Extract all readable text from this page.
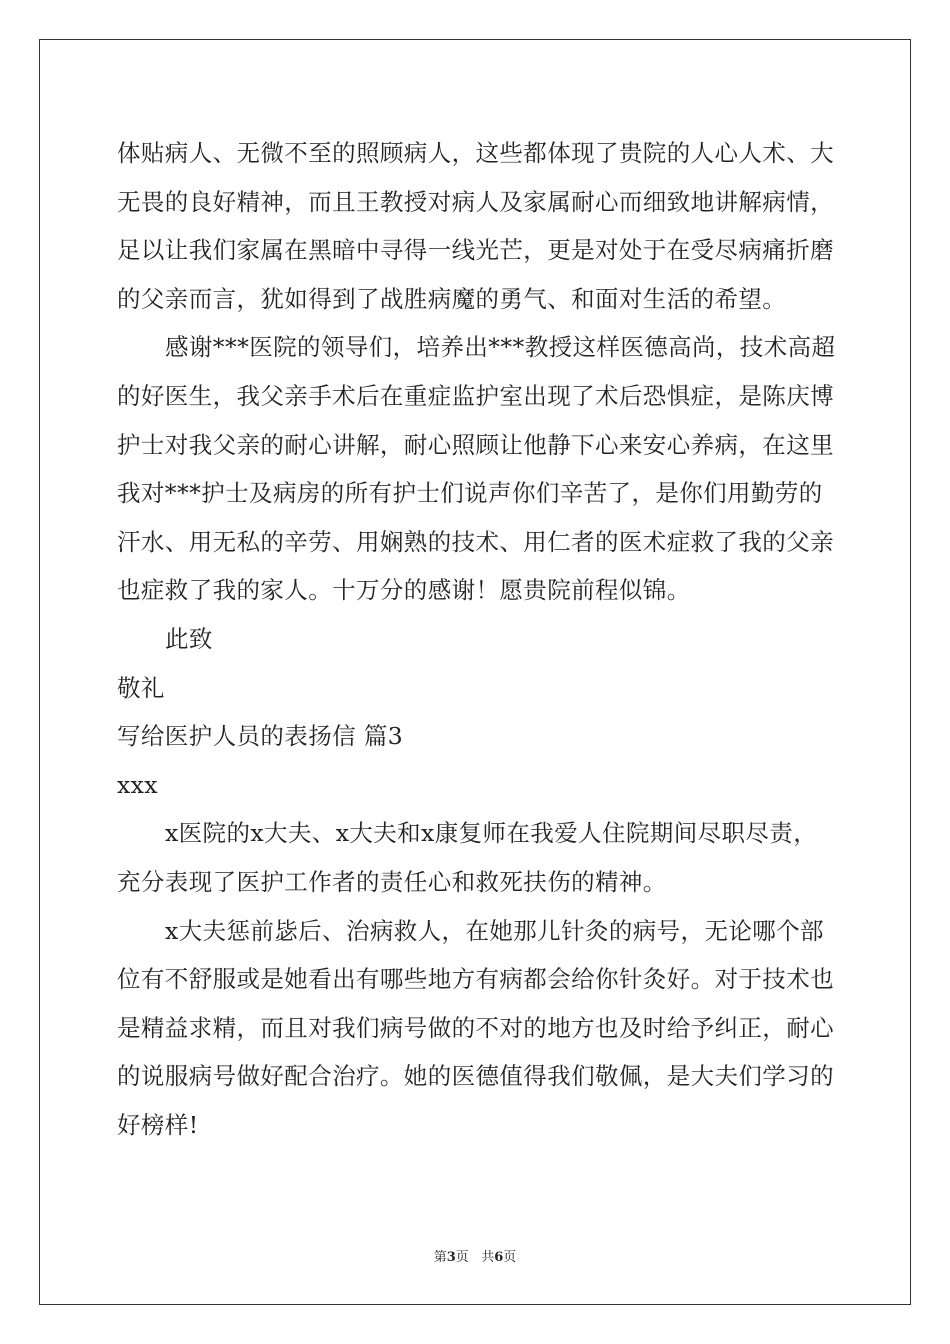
体贴病人、无微不至的照顾病人，这些都体现了贵院的人心人术、大
无畏的良好精神，而且王教授对病人及家属耐心而细致地讲解病情，
足以让我们家属在黑暗中寻得一线光芒，更是对处于在受尽病痛折磨
的父亲而言，犹如得到了战胜病魔的勇气、和面对生活的希望。
感谢***医院的领导们，培养出***教授这样医德高尚，技术高超
的好医生，我父亲手术后在重症监护室出现了术后恐惧症，是陈庆博
护士对我父亲的耐心讲解，耐心照顾让他静下心来安心养病，在这里
我对***护士及病房的所有护士们说声你们辛苦了，是你们用勤劳的
汗水、用无私的辛劳、用娴熟的技术、用仁者的医术症救了我的父亲
也症救了我的家人。十万分的感谢！愿贵院前程似锦。
此致
敬礼
写给医护人员的表扬信 篇3
xxx
x医院的x大夫、x大夫和x康复师在我爱人住院期间尽职尽责，
充分表现了医护工作者的责任心和救死扶伤的精神。
x大夫惩前毖后、治病救人，在她那儿针灸的病号，无论哪个部
位有不舒服或是她看出有哪些地方有病都会给你针灸好。对于技术也
是精益求精，而且对我们病号做的不对的地方也及时给予纠正，耐心
的说服病号做好配合治疗。她的医德值得我们敬佩，是大夫们学习的
好榜样!
第3页 共6页
